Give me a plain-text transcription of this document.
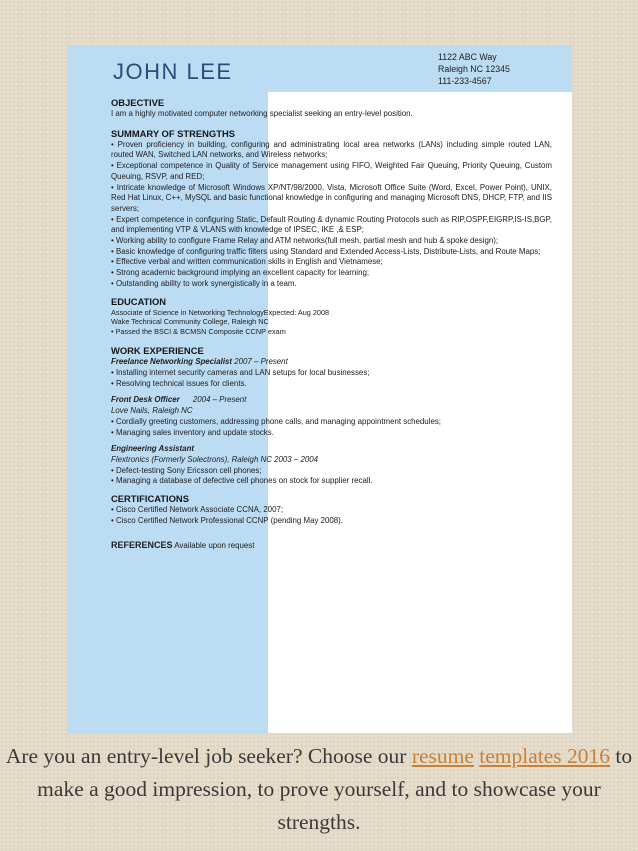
JOHN LEE
1122 ABC Way
Raleigh NC 12345
111-233-4567
OBJECTIVE

I am a highly motivated computer networking specialist seeking an entry-level position.

SUMMARY OF STRENGTHS
• Proven proficiency in building, configuring and administrating local area networks (LANs) including simple routed LAN, routed WAN, Switched LAN networks, and Wireless networks;
• Exceptional competence in Quality of Service management using FIFO, Weighted Fair Queuing, Priority Queuing, Custom Queuing, RSVP, and RED;
• Intricate knowledge of Microsoft Windows XP/NT/98/2000, Vista, Microsoft Office Suite (Word, Excel, Power Point), UNIX, Red Hat Linux, C++, MySQL and basic functional knowledge in configuring and managing Microsoft DNS, DHCP, FTP, and IIS servers;
• Expert competence in configuring Static, Default Routing & dynamic Routing Protocols such as RIP,OSPF,EIGRP,IS-IS,BGP, and implementing VTP & VLANS with knowledge of IPSEC, IKE ,& ESP;
• Working ability to configure Frame Relay and ATM networks(full mesh, partial mesh and hub & spoke design);
• Basic knowledge of configuring traffic filters using Standard and Extended Access-Lists, Distribute-Lists, and Route Maps;
• Effective verbal and written communication skills in English and Vietnamese;
• Strong academic background implying an excellent capacity for learning;
• Outstanding ability to work synergistically in a team.
EDUCATION
Associate of Science in Networking TechnologyExpected: Aug 2008
Wake Technical Community College, Raleigh NC
• Passed the BSCI & BCMSN Composite CCNP exam
WORK EXPERIENCE

Freelance Networking Specialist 2007 – Present

• Installing internet security cameras and LAN setups for local businesses;
• Resolving technical issues for clients.

Front Desk Officer      2004 – Present

Love Nails, Raleigh NC

• Cordially greeting customers, addressing phone calls, and managing appointment schedules;
• Managing sales inventory and update stocks.

Engineering Assistant

Flextronics (Formerly Solectrons), Raleigh NC 2003 – 2004

• Defect-testing Sony Ericsson cell phones;
• Managing a database of defective cell phones on stock for supplier recall.
CERTIFICATIONS
• Cisco Certified Network Associate CCNA, 2007;
• Cisco Certified Network Professional CCNP (pending May 2008).
REFERENCES Available upon request

Are you an entry-level job seeker? Choose our resume templates 2016 to make a good impression, to prove yourself, and to showcase your strengths.
